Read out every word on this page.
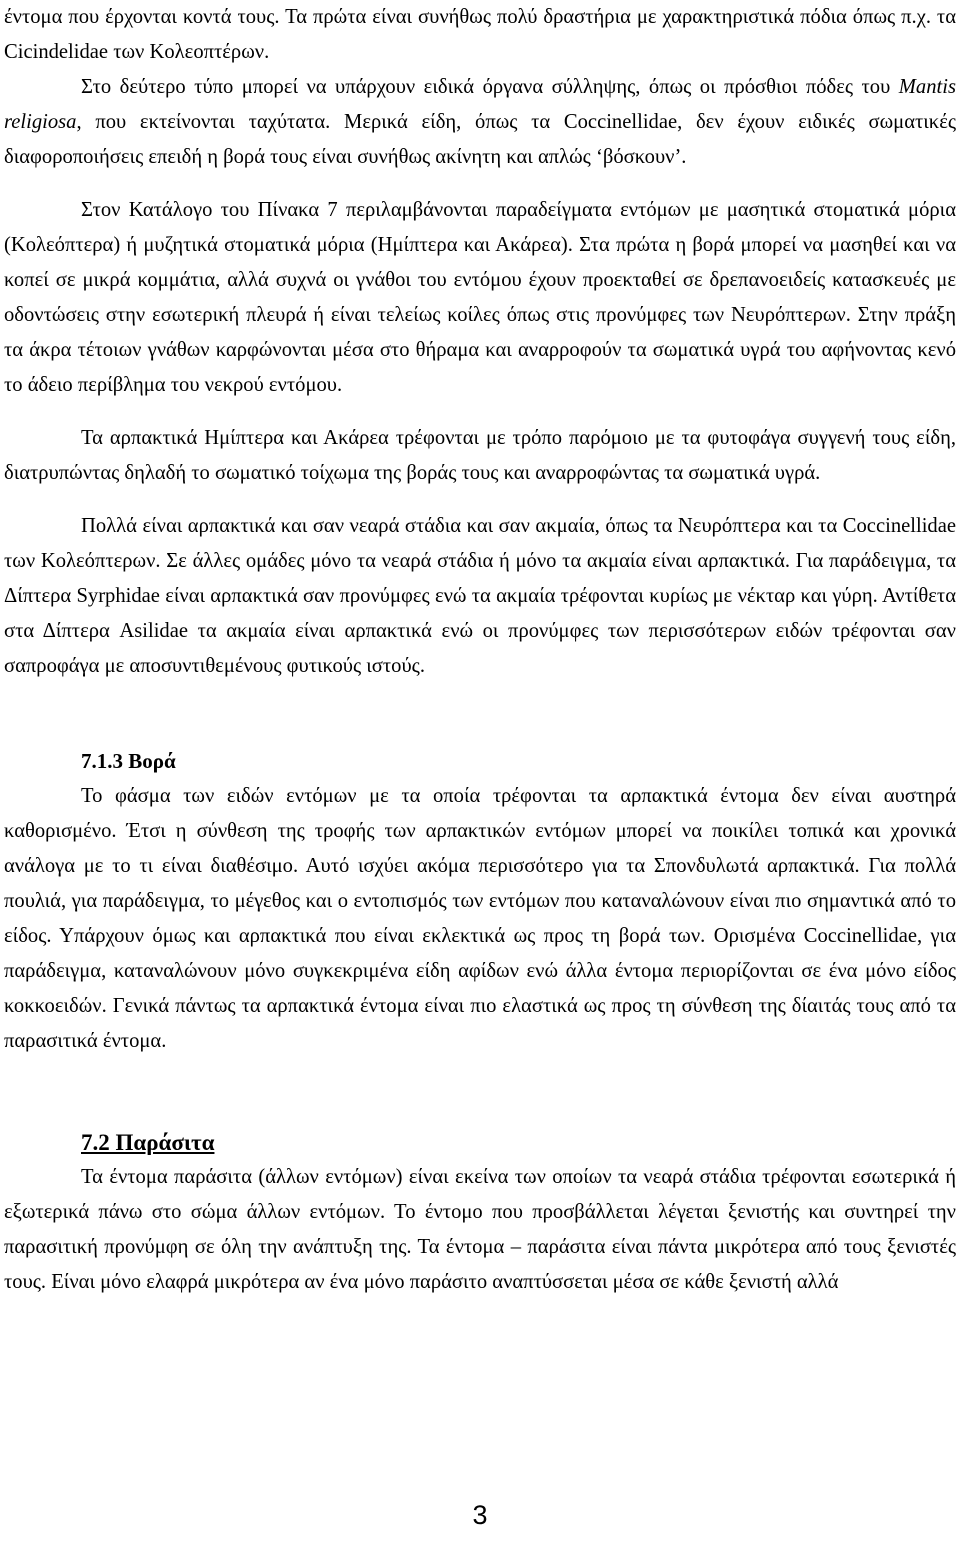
έντομα που έρχονται κοντά τους. Τα πρώτα είναι συνήθως πολύ δραστήρια με χαρακτηριστικά πόδια όπως π.χ. τα Cicindelidae των Κολεοπτέρων.

Στο δεύτερο τύπο μπορεί να υπάρχουν ειδικά όργανα σύλληψης, όπως οι πρόσθιοι πόδες του Mantis religiosa, που εκτείνονται ταχύτατα. Μερικά είδη, όπως τα Coccinellidae, δεν έχουν ειδικές σωματικές διαφοροποιήσεις επειδή η βορά τους είναι συνήθως ακίνητη και απλώς ‘βόσκουν’.

Στον Κατάλογο του Πίνακα 7 περιλαμβάνονται παραδείγματα εντόμων με μασητικά στοματικά μόρια (Κολεόπτερα) ή μυζητικά στοματικά μόρια (Ημίπτερα και Ακάρεα). Στα πρώτα η βορά μπορεί να μασηθεί και να κοπεί σε μικρά κομμάτια, αλλά συχνά οι γνάθοι του εντόμου έχουν προεκταθεί σε δρεπανοειδείς κατασκευές με οδοντώσεις στην εσωτερική πλευρά ή είναι τελείως κοίλες όπως στις προνύμφες των Νευρόπτερων. Στην πράξη τα άκρα τέτοιων γνάθων καρφώνονται μέσα στο θήραμα και αναρροφούν τα σωματικά υγρά του αφήνοντας κενό το άδειο περίβλημα του νεκρού εντόμου.

Τα αρπακτικά Ημίπτερα και Ακάρεα τρέφονται με τρόπο παρόμοιο με τα φυτοφάγα συγγενή τους είδη, διατρυπώντας δηλαδή το σωματικό τοίχωμα της βοράς τους και αναρροφώντας τα σωματικά υγρά.

Πολλά είναι αρπακτικά και σαν νεαρά στάδια και σαν ακμαία, όπως τα Νευρόπτερα και τα Coccinellidae των Κολεόπτερων. Σε άλλες ομάδες μόνο τα νεαρά στάδια ή μόνο τα ακμαία είναι αρπακτικά. Για παράδειγμα, τα Δίπτερα Syrphidae είναι αρπακτικά σαν προνύμφες ενώ τα ακμαία τρέφονται κυρίως με νέκταρ και γύρη. Αντίθετα στα Δίπτερα Asilidae τα ακμαία είναι αρπακτικά ενώ οι προνύμφες των περισσότερων ειδών τρέφονται σαν σαπροφάγα με αποσυντιθεμένους φυτικούς ιστούς.

7.1.3 Βορά

Το φάσμα των ειδών εντόμων με τα οποία τρέφονται τα αρπακτικά έντομα δεν είναι αυστηρά καθορισμένο. Έτσι η σύνθεση της τροφής των αρπακτικών εντόμων μπορεί να ποικίλει τοπικά και χρονικά ανάλογα με το τι είναι διαθέσιμο. Αυτό ισχύει ακόμα περισσότερο για τα Σπονδυλωτά αρπακτικά. Για πολλά πουλιά, για παράδειγμα, το μέγεθος και ο εντοπισμός των εντόμων που καταναλώνουν είναι πιο σημαντικά από το είδος. Υπάρχουν όμως και αρπακτικά που είναι εκλεκτικά ως προς τη βορά των. Ορισμένα Coccinellidae, για παράδειγμα, καταναλώνουν μόνο συγκεκριμένα είδη αφίδων ενώ άλλα έντομα περιορίζονται σε ένα μόνο είδος κοκκοειδών. Γενικά πάντως τα αρπακτικά έντομα είναι πιο ελαστικά ως προς τη σύνθεση της δίαιτάς τους από τα παρασιτικά έντομα.

7.2 Παράσιτα

Τα έντομα παράσιτα (άλλων εντόμων) είναι εκείνα των οποίων τα νεαρά στάδια τρέφονται εσωτερικά ή εξωτερικά πάνω στο σώμα άλλων εντόμων. Το έντομο που προσβάλλεται λέγεται ξενιστής και συντηρεί την παρασιτική προνύμφη σε όλη την ανάπτυξη της. Τα έντομα – παράσιτα είναι πάντα μικρότερα από τους ξενιστές τους. Είναι μόνο ελαφρά μικρότερα αν ένα μόνο παράσιτο αναπτύσσεται μέσα σε κάθε ξενιστή αλλά

3
